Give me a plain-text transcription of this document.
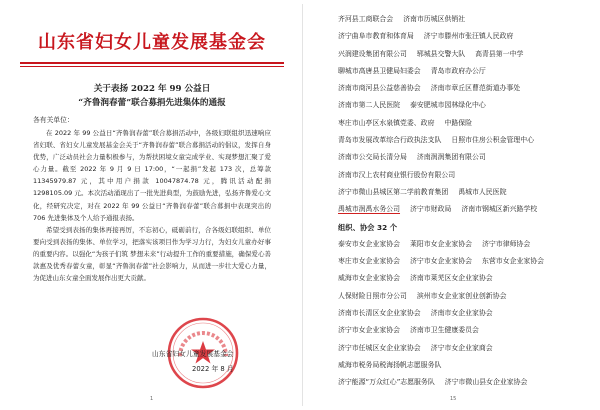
山东省妇女儿童发展基金会
关于表扬 2022 年 99 公益日
“齐鲁润春蕾”联合募捐先进集体的通报
各有关单位：

在 2022 年 99 公益日“齐鲁润春蕾”联合募捐活动中，各级妇联组织迅速响应省妇联、省妇女儿童发展基金会关于“齐鲁润春蕾”联合募捐活动的倡议，发挥自身优势，广泛动员社会力量积极参与，为帮扶困境女童完成学业、实现梦想汇聚了爱心力量。截至 2022 年 9 月 9 日 17:00，“一起捐”发起 173 次，总筹款 11345979.87 元，其中用户捐款 10047874.78 元，腾讯活动配捐 1298105.09 元。本次活动涌现出了一批先进典型，为鼓励先进，弘扬齐鲁爱心文化，经研究决定，对在 2022 年 99 公益日“齐鲁润春蕾”联合募捐中表现突出的 706 先进集体及个人给予通报表扬。

希望受到表扬的集体再接再厉，不忘初心，砥砺前行，合各级妇联组织、单位要向受到表扬的集体、单位学习，把落实该项目作为学习力行，为妇女儿童办好事的重要内容。以强化“为孩子们筑 梦想未来”行动提升工作的重要措施，确保爱心善款惠及优秀春蕾女童，彰显“齐鲁润春蕾”社会影响力，从而进一步壮大爱心力量，为促进山东女童全面发展作出更大贡献。

山东省妇女儿童发展基金会
2022 年 8 月
1	15
齐河县工商联合会 济南市历城区供销社
济宁曲阜市教育和体育局 济宁市滕州市张汪镇人民政府
兴润建设集团有限公司 郓城县交警大队 高青县第一中学
聊城市高唐县卫健局妇委会 青岛市政府办公厅
济南市商河县公益慈善协会 济南市章丘区曹范街道办事处
济南市第二人民医院 泰安肥城市园林绿化中心
枣庄市山亭区水泉镇党委、政府 中路保险
青岛市发展改革综合行政执法支队 日照市住房公积金管理中心
济南市公交局长清分局 济南润润集团有限公司
济南市汉上农村商业银行股份有限公司
济宁市微山县城区第二学前教育集团 禹城市人民医院
禹城市润禹水务公司 济宁市财政局 济南市钢城区新兴路学校
组织、协会 32 个
泰安市女企业家协会 莱阳市女企业家协会 济宁市律师协会
枣庄市女企业家协会 济宁市女企业家协会 东营市女企业家协会
威海市女企业家协会 济南市莱芜区女企业家协会
人保财险日照市分公司 滨州市女企业家创业创新协会
济南市长清区女企业家协会 济南市女企业家协会
济宁市女企业家协会 济南市卫生健康委员会
济宁市任城区女企业家协会 济宁市女企业家商会
威海市税务局税海扬帆志愿服务队
济宁能源“万众红心”志愿服务队 济宁市微山县女企业家协会
